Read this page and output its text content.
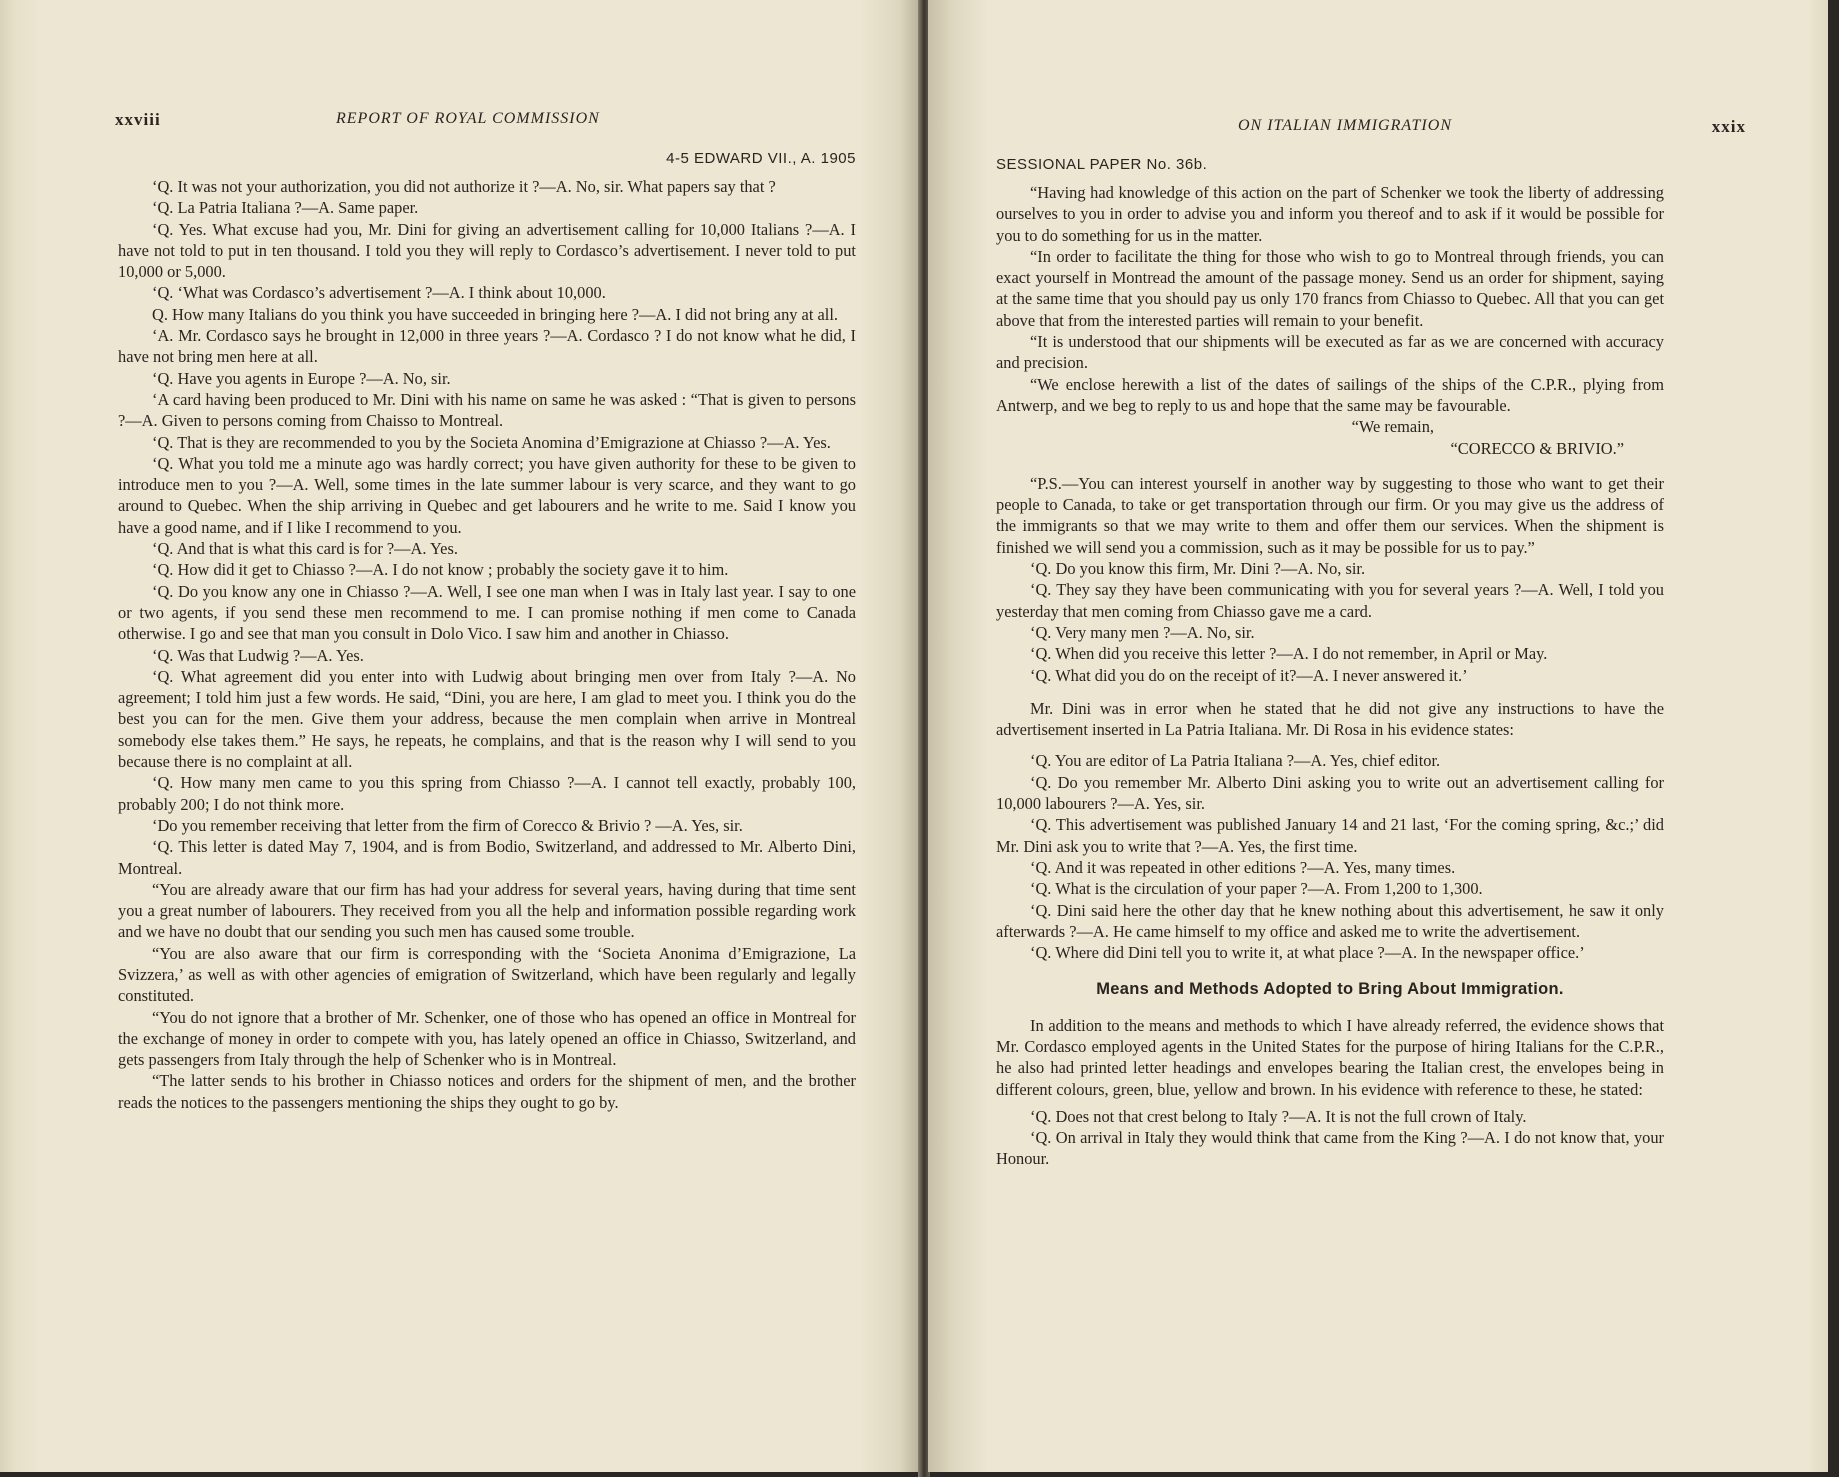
xxviii	REPORT OF ROYAL COMMISSION
4-5 EDWARD VII., A. 1905

‘Q. It was not your authorization, you did not authorize it ?—A. No, sir. What papers say that ?

‘Q. La Patria Italiana ?—A. Same paper.

‘Q. Yes. What excuse had you, Mr. Dini for giving an advertisement calling for 10,000 Italians ?—A. I have not told to put in ten thousand. I told you they will reply to Cordasco’s advertisement. I never told to put 10,000 or 5,000.

‘Q. ‘What was Cordasco’s advertisement ?—A. I think about 10,000.

Q. How many Italians do you think you have succeeded in bringing here ?—A. I did not bring any at all.

‘A. Mr. Cordasco says he brought in 12,000 in three years ?—A. Cordasco ? I do not know what he did, I have not bring men here at all.

‘Q. Have you agents in Europe ?—A. No, sir.

‘A card having been produced to Mr. Dini with his name on same he was asked : “That is given to persons ?—A. Given to persons coming from Chaisso to Montreal.

‘Q. That is they are recommended to you by the Societa Anomina d’Emigrazione at Chiasso ?—A. Yes.

‘Q. What you told me a minute ago was hardly correct; you have given authority for these to be given to introduce men to you ?—A. Well, some times in the late summer labour is very scarce, and they want to go around to Quebec. When the ship arriving in Quebec and get labourers and he write to me. Said I know you have a good name, and if I like I recommend to you.

‘Q. And that is what this card is for ?—A. Yes.

‘Q. How did it get to Chiasso ?—A. I do not know ; probably the society gave it to him.

‘Q. Do you know any one in Chiasso ?—A. Well, I see one man when I was in Italy last year. I say to one or two agents, if you send these men recommend to me. I can promise nothing if men come to Canada otherwise. I go and see that man you consult in Dolo Vico. I saw him and another in Chiasso.

‘Q. Was that Ludwig ?—A. Yes.

‘Q. What agreement did you enter into with Ludwig about bringing men over from Italy ?—A. No agreement; I told him just a few words. He said, “Dini, you are here, I am glad to meet you. I think you do the best you can for the men. Give them your address, because the men complain when arrive in Montreal somebody else takes them.” He says, he repeats, he complains, and that is the reason why I will send to you because there is no complaint at all.

‘Q. How many men came to you this spring from Chiasso ?—A. I cannot tell exactly, probably 100, probably 200; I do not think more.

‘Do you remember receiving that letter from the firm of Corecco & Brivio ? —A. Yes, sir.

‘Q. This letter is dated May 7, 1904, and is from Bodio, Switzerland, and addressed to Mr. Alberto Dini, Montreal.

“You are already aware that our firm has had your address for several years, having during that time sent you a great number of labourers. They received from you all the help and information possible regarding work and we have no doubt that our sending you such men has caused some trouble.

“You are also aware that our firm is corresponding with the ‘Societa Anonima d’Emigrazione, La Svizzera,’ as well as with other agencies of emigration of Switzerland, which have been regularly and legally constituted.

“You do not ignore that a brother of Mr. Schenker, one of those who has opened an office in Montreal for the exchange of money in order to compete with you, has lately opened an office in Chiasso, Switzerland, and gets passengers from Italy through the help of Schenker who is in Montreal.

“The latter sends to his brother in Chiasso notices and orders for the shipment of men, and the brother reads the notices to the passengers mentioning the ships they ought to go by.

ON ITALIAN IMMIGRATION	xxix
SESSIONAL PAPER No. 36b.

“Having had knowledge of this action on the part of Schenker we took the liberty of addressing ourselves to you in order to advise you and inform you thereof and to ask if it would be possible for you to do something for us in the matter.

“In order to facilitate the thing for those who wish to go to Montreal through friends, you can exact yourself in Montread the amount of the passage money. Send us an order for shipment, saying at the same time that you should pay us only 170 francs from Chiasso to Quebec. All that you can get above that from the interested parties will remain to your benefit.

“It is understood that our shipments will be executed as far as we are concerned with accuracy and precision.

“We enclose herewith a list of the dates of sailings of the ships of the C.P.R., plying from Antwerp, and we beg to reply to us and hope that the same may be favourable.

“We remain,

“CORECCO & BRIVIO.”

“P.S.—You can interest yourself in another way by suggesting to those who want to get their people to Canada, to take or get transportation through our firm. Or you may give us the address of the immigrants so that we may write to them and offer them our services. When the shipment is finished we will send you a commission, such as it may be possible for us to pay.”

‘Q. Do you know this firm, Mr. Dini ?—A. No, sir.

‘Q. They say they have been communicating with you for several years ?—A. Well, I told you yesterday that men coming from Chiasso gave me a card.

‘Q. Very many men ?—A. No, sir.

‘Q. When did you receive this letter ?—A. I do not remember, in April or May.

‘Q. What did you do on the receipt of it?—A. I never answered it.’

Mr. Dini was in error when he stated that he did not give any instructions to have the advertisement inserted in La Patria Italiana. Mr. Di Rosa in his evidence states:

‘Q. You are editor of La Patria Italiana ?—A. Yes, chief editor.

‘Q. Do you remember Mr. Alberto Dini asking you to write out an advertisement calling for 10,000 labourers ?—A. Yes, sir.

‘Q. This advertisement was published January 14 and 21 last, ‘For the coming spring, &c.;’ did Mr. Dini ask you to write that ?—A. Yes, the first time.

‘Q. And it was repeated in other editions ?—A. Yes, many times.

‘Q. What is the circulation of your paper ?—A. From 1,200 to 1,300.

‘Q. Dini said here the other day that he knew nothing about this advertisement, he saw it only afterwards ?—A. He came himself to my office and asked me to write the advertisement.

‘Q. Where did Dini tell you to write it, at what place ?—A. In the newspaper office.’

Means and Methods Adopted to Bring About Immigration.

In addition to the means and methods to which I have already referred, the evidence shows that Mr. Cordasco employed agents in the United States for the purpose of hiring Italians for the C.P.R., he also had printed letter headings and envelopes bearing the Italian crest, the envelopes being in different colours, green, blue, yellow and brown. In his evidence with reference to these, he stated:

‘Q. Does not that crest belong to Italy ?—A. It is not the full crown of Italy.

‘Q. On arrival in Italy they would think that came from the King ?—A. I do not know that, your Honour.
